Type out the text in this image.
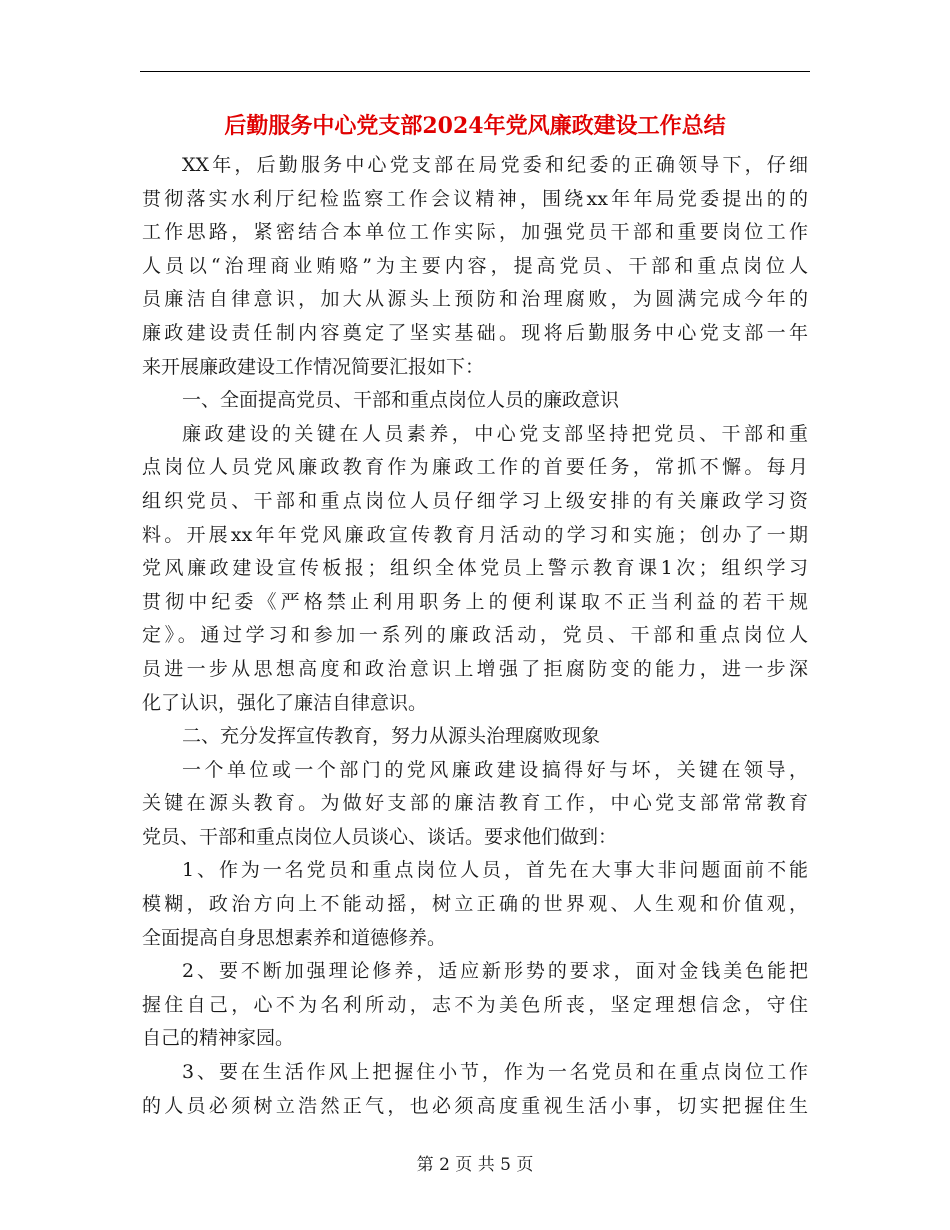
后勤服务中心党支部2024年党风廉政建设工作总结
XX年，后勤服务中心党支部在局党委和纪委的正确领导下，仔细
贯彻落实水利厅纪检监察工作会议精神，围绕xx年年局党委提出的的
工作思路，紧密结合本单位工作实际，加强党员干部和重要岗位工作
人员以“治理商业贿赂”为主要内容，提高党员、干部和重点岗位人
员廉洁自律意识，加大从源头上预防和治理腐败，为圆满完成今年的
廉政建设责任制内容奠定了坚实基础。现将后勤服务中心党支部一年
来开展廉政建设工作情况简要汇报如下：
一、全面提高党员、干部和重点岗位人员的廉政意识
廉政建设的关键在人员素养，中心党支部坚持把党员、干部和重
点岗位人员党风廉政教育作为廉政工作的首要任务，常抓不懈。每月
组织党员、干部和重点岗位人员仔细学习上级安排的有关廉政学习资
料。开展xx年年党风廉政宣传教育月活动的学习和实施；创办了一期
党风廉政建设宣传板报；组织全体党员上警示教育课1次；组织学习
贯彻中纪委《严格禁止利用职务上的便利谋取不正当利益的若干规
定》。通过学习和参加一系列的廉政活动，党员、干部和重点岗位人
员进一步从思想高度和政治意识上增强了拒腐防变的能力，进一步深
化了认识，强化了廉洁自律意识。
二、充分发挥宣传教育，努力从源头治理腐败现象
一个单位或一个部门的党风廉政建设搞得好与坏，关键在领导，
关键在源头教育。为做好支部的廉洁教育工作，中心党支部常常教育
党员、干部和重点岗位人员谈心、谈话。要求他们做到：
1、作为一名党员和重点岗位人员，首先在大事大非问题面前不能
模糊，政治方向上不能动摇，树立正确的世界观、人生观和价值观，
全面提高自身思想素养和道德修养。
2、要不断加强理论修养，适应新形势的要求，面对金钱美色能把
握住自己，心不为名利所动，志不为美色所丧，坚定理想信念，守住
自己的精神家园。
3、要在生活作风上把握住小节，作为一名党员和在重点岗位工作
的人员必须树立浩然正气，也必须高度重视生活小事，切实把握住生
第 2 页 共 5 页
